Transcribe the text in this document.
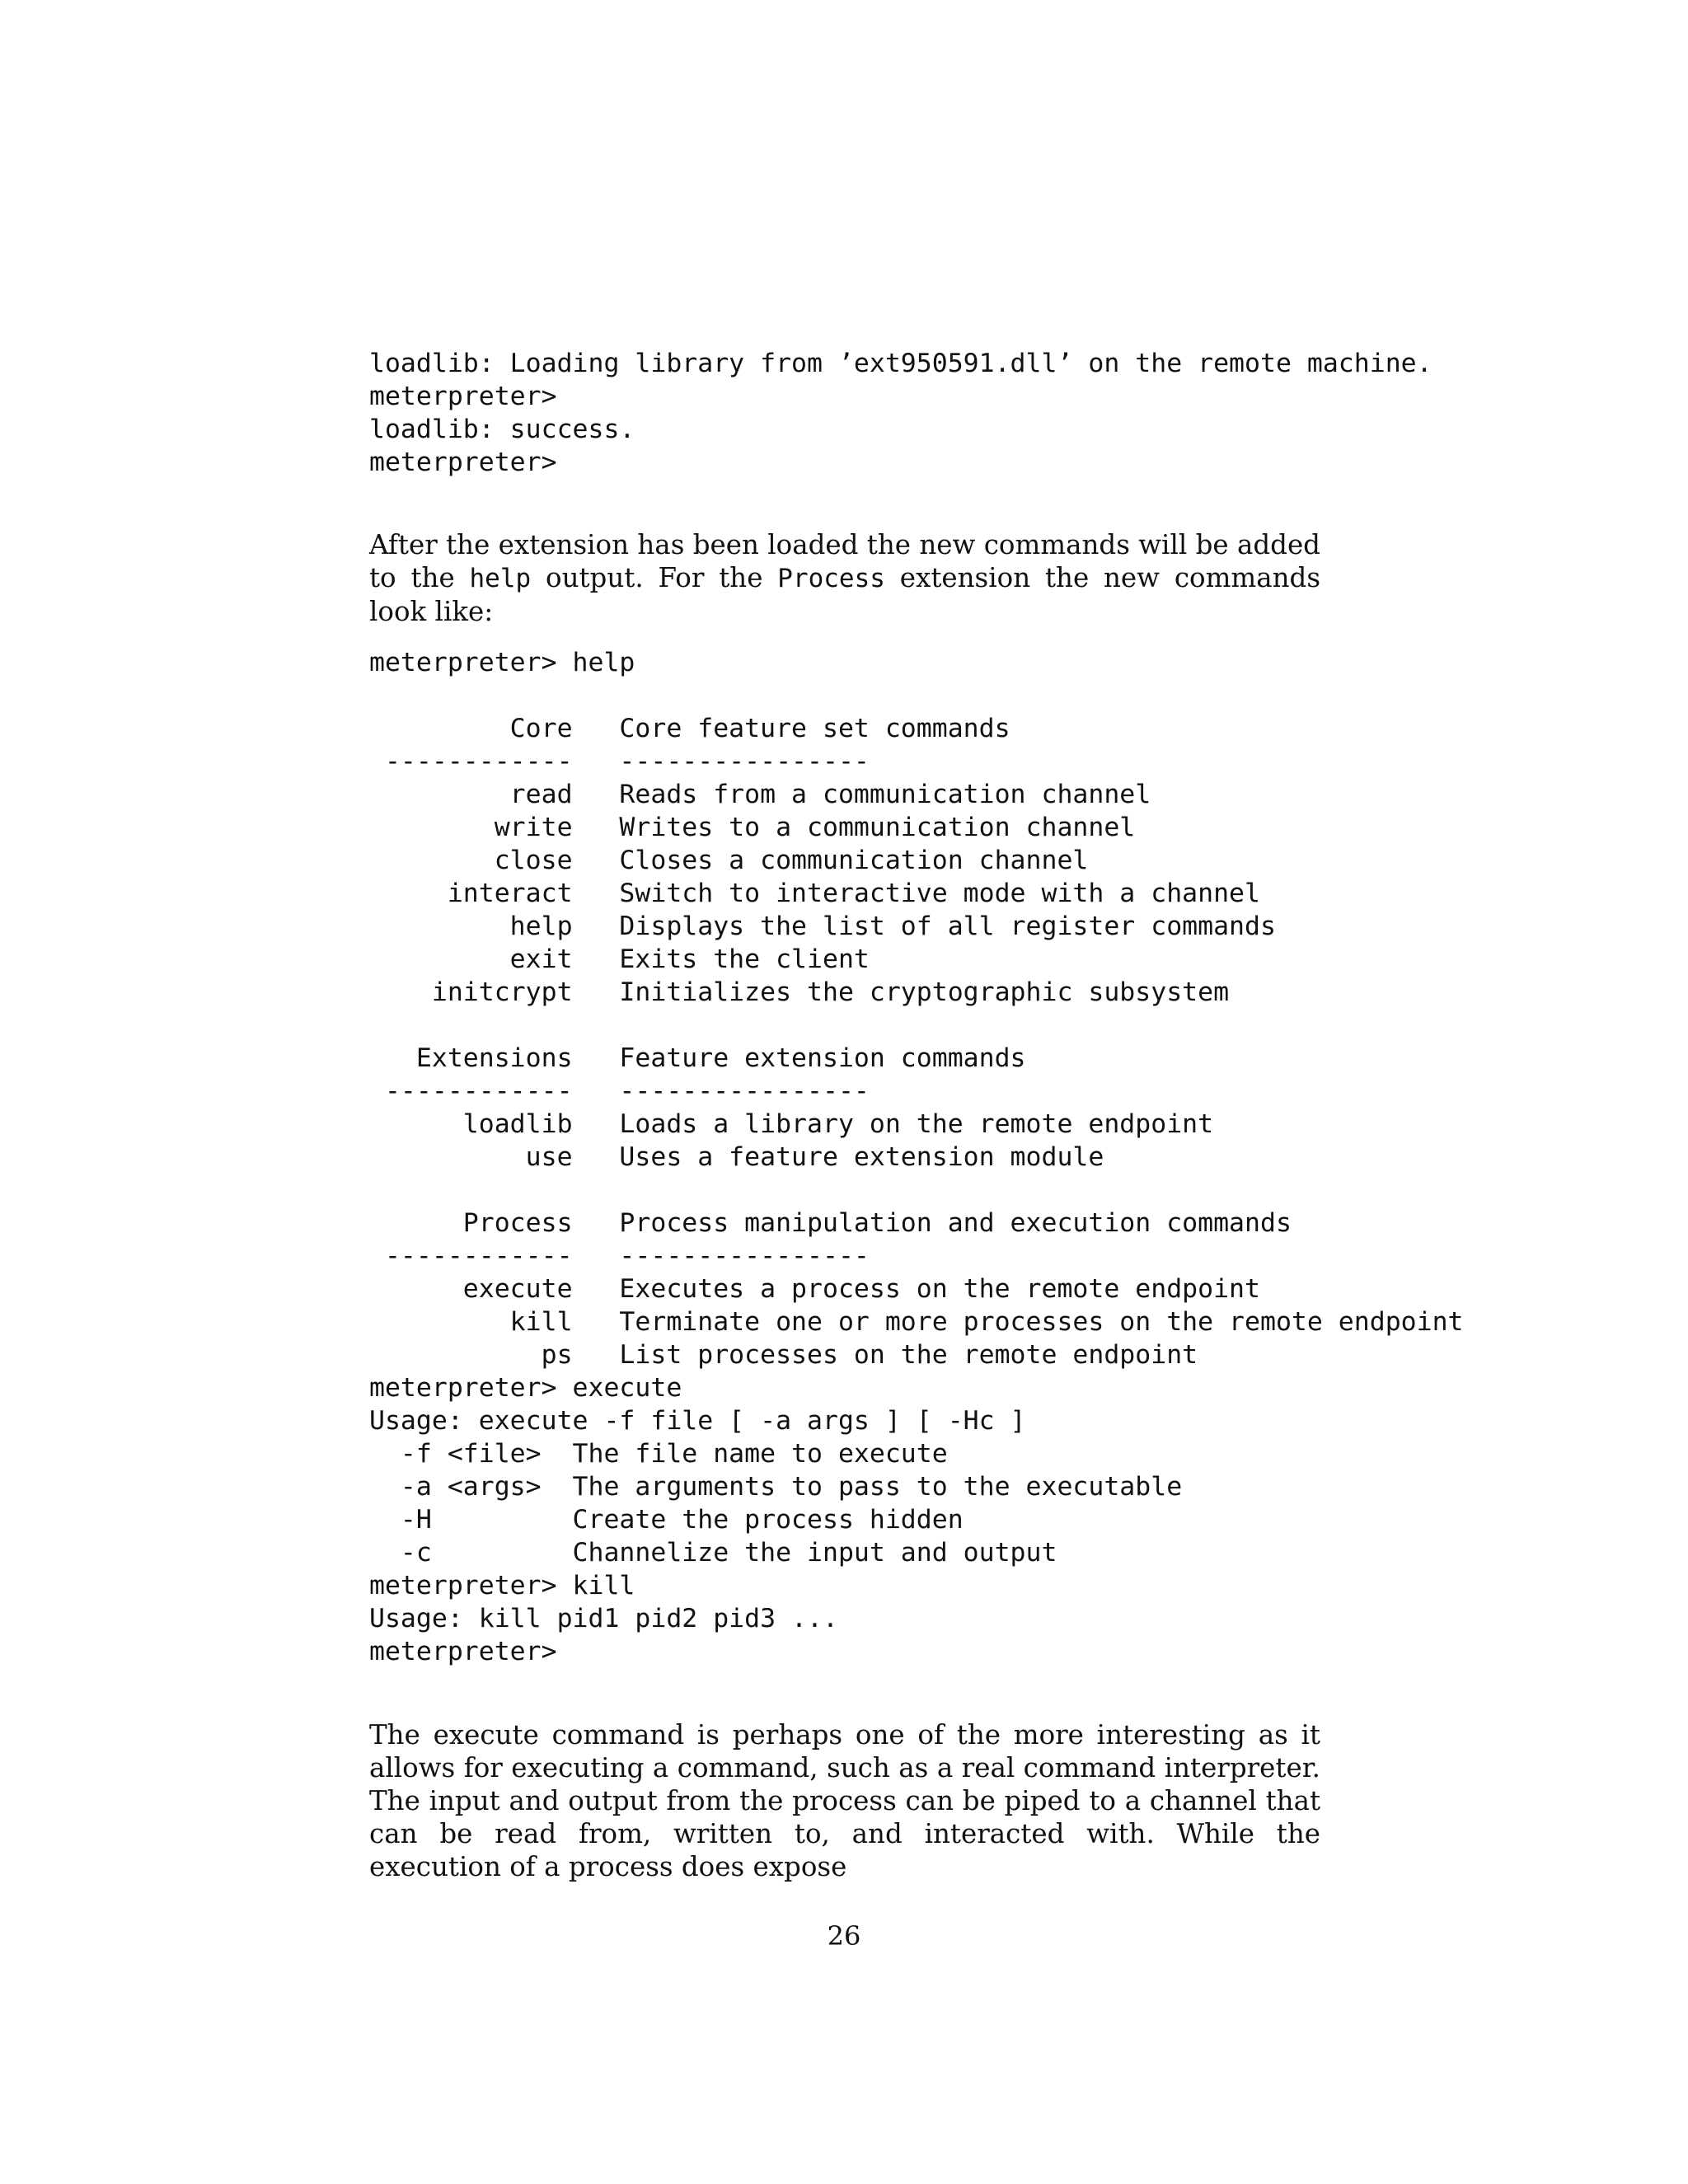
loadlib: Loading library from ’ext950591.dll’ on the remote machine.
meterpreter>
loadlib: success.
meterpreter>

After the extension has been loaded the new commands will be added to the help output. For the Process extension the new commands look like:

meterpreter> help

Core   Core feature set commands
------------   ----------------
read   Reads from a communication channel
write   Writes to a communication channel
close   Closes a communication channel
interact   Switch to interactive mode with a channel
help   Displays the list of all register commands
exit   Exits the client
initcrypt   Initializes the cryptographic subsystem

Extensions   Feature extension commands
------------   ----------------
loadlib   Loads a library on the remote endpoint
use   Uses a feature extension module

Process   Process manipulation and execution commands
------------   ----------------
execute   Executes a process on the remote endpoint
kill   Terminate one or more processes on the remote endpoint
ps   List processes on the remote endpoint
meterpreter> execute
Usage: execute -f file [ -a args ] [ -Hc ]
-f <file>  The file name to execute
-a <args>  The arguments to pass to the executable
-H         Create the process hidden
-c         Channelize the input and output
meterpreter> kill
Usage: kill pid1 pid2 pid3 ...
meterpreter>

The execute command is perhaps one of the more interesting as it allows for executing a command, such as a real command interpreter. The input and output from the process can be piped to a channel that can be read from, written to, and interacted with. While the execution of a process does expose

26
